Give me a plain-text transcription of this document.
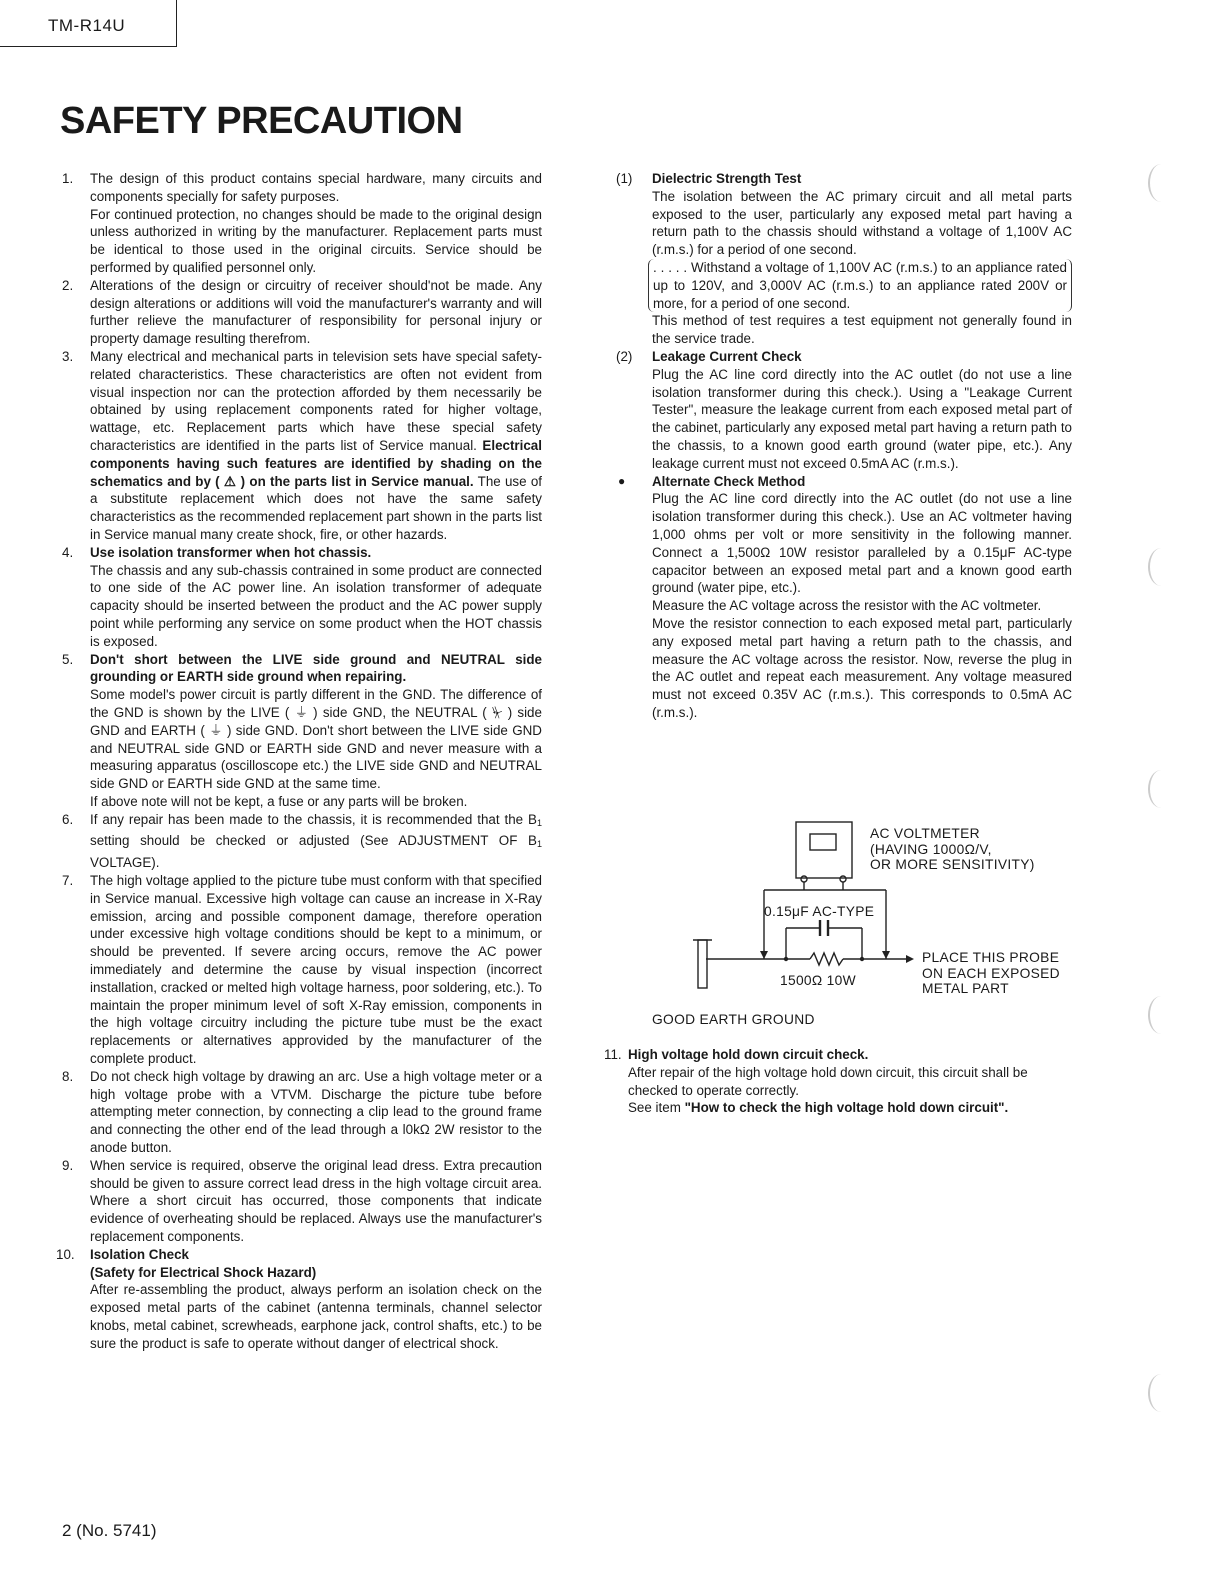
TM-R14U
SAFETY PRECAUTION
1. The design of this product contains special hardware, many circuits and components specially for safety purposes.

For continued protection, no changes should be made to the original design unless authorized in writing by the manufacturer. Replacement parts must be identical to those used in the original circuits. Service should be performed by qualified personnel only.

2. Alterations of the design or circuitry of receiver should'not be made. Any design alterations or additions will void the manufacturer's warranty and will further relieve the manufacturer of responsibility for personal injury or property damage resulting therefrom.

3. Many electrical and mechanical parts in television sets have special safety-related characteristics. These characteristics are often not evident from visual inspection nor can the protection afforded by them necessarily be obtained by using replacement components rated for higher voltage, wattage, etc. Replacement parts which have these special safety characteristics are identified in the parts list of Service manual. Electrical components having such features are identified by shading on the schematics and by ( ⚠ ) on the parts list in Service manual. The use of a substitute replacement which does not have the same safety characteristics as the recommended replacement part shown in the parts list in Service manual many create shock, fire, or other hazards.

4. Use isolation transformer when hot chassis.

The chassis and any sub-chassis contrained in some product are connected to one side of the AC power line. An isolation transformer of adequate capacity should be inserted between the product and the AC power supply point while performing any service on some product when the HOT chassis is exposed.

5. Don't short between the LIVE side ground and NEUTRAL side grounding or EARTH side ground when repairing.

Some model's power circuit is partly different in the GND. The difference of the GND is shown by the LIVE ( ⏚ ) side GND, the NEUTRAL ( ⏧ ) side GND and EARTH ( ⏚ ) side GND. Don't short between the LIVE side GND and NEUTRAL side GND or EARTH side GND and never measure with a measuring apparatus (oscilloscope etc.) the LIVE side GND and NEUTRAL side GND or EARTH side GND at the same time.

If above note will not be kept, a fuse or any parts will be broken.

6. If any repair has been made to the chassis, it is recommended that the $B_1$ setting should be checked or adjusted (See ADJUSTMENT OF $B_1$ VOLTAGE).

7. The high voltage applied to the picture tube must conform with that specified in Service manual. Excessive high voltage can cause an increase in X-Ray emission, arcing and possible component damage, therefore operation under excessive high voltage conditions should be kept to a minimum, or should be prevented. If severe arcing occurs, remove the AC power immediately and determine the cause by visual inspection (incorrect installation, cracked or melted high voltage harness, poor soldering, etc.). To maintain the proper minimum level of soft X-Ray emission, components in the high voltage circuitry including the picture tube must be the exact replacements or alternatives approvided by the manufacturer of the complete product.

8. Do not check high voltage by drawing an arc. Use a high voltage meter or a high voltage probe with a VTVM. Discharge the picture tube before attempting meter connection, by connecting a clip lead to the ground frame and connecting the other end of the lead through a l0kΩ 2W resistor to the anode button.

9. When service is required, observe the original lead dress. Extra precaution should be given to assure correct lead dress in the high voltage circuit area. Where a short circuit has occurred, those components that indicate evidence of overheating should be replaced. Always use the manufacturer's replacement components.

10. Isolation Check

(Safety for Electrical Shock Hazard)

After re-assembling the product, always perform an isolation check on the exposed metal parts of the cabinet (antenna terminals, channel selector knobs, metal cabinet, screwheads, earphone jack, control shafts, etc.) to be sure the product is safe to operate without danger of electrical shock.

(1) Dielectric Strength Test

The isolation between the AC primary circuit and all metal parts exposed to the user, particularly any exposed metal part having a return path to the chassis should withstand a voltage of 1,100V AC (r.m.s.) for a period of one second.

. . . . . Withstand a voltage of 1,100V AC (r.m.s.) to an appliance rated up to 120V, and 3,000V AC (r.m.s.) to an appliance rated 200V or more, for a period of one second.

This method of test requires a test equipment not generally found in the service trade.

(2) Leakage Current Check

Plug the AC line cord directly into the AC outlet (do not use a line isolation transformer during this check.). Using a "Leakage Current Tester", measure the leakage current from each exposed metal part of the cabinet, particularly any exposed metal part having a return path to the chassis, to a known good earth ground (water pipe, etc.). Any leakage current must not exceed 0.5mA AC (r.m.s.).

● Alternate Check Method

Plug the AC line cord directly into the AC outlet (do not use a line isolation transformer during this check.). Use an AC voltmeter having 1,000 ohms per volt or more sensitivity in the following manner. Connect a 1,500Ω 10W resistor paralleled by a 0.15μF AC-type capacitor between an exposed metal part and a known good earth ground (water pipe, etc.).

Measure the AC voltage across the resistor with the AC voltmeter.

Move the resistor connection to each exposed metal part, particularly any exposed metal part having a return path to the chassis, and measure the AC voltage across the resistor. Now, reverse the plug in the AC outlet and repeat each measurement. Any voltage measured must not exceed 0.35V AC (r.m.s.). This corresponds to 0.5mA AC (r.m.s.).

AC VOLTMETER
(HAVING 1000Ω/V,
OR MORE SENSITIVITY)
0.15μF AC-TYPE
1500Ω 10W
PLACE THIS PROBE
ON EACH EXPOSED
METAL PART
GOOD EARTH GROUND
11. High voltage hold down circuit check.

After repair of the high voltage hold down circuit, this circuit shall be checked to operate correctly.

See item "How to check the high voltage hold down circuit".

2 (No. 5741)
